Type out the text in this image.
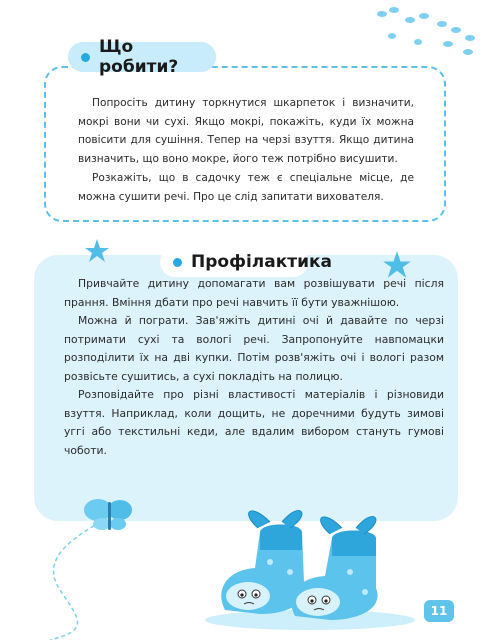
Попросіть дитину торкнутися шкарпеток і визначити, мокрі вони чи сухі. Якщо мокрі, покажіть, куди їх можна повісити для сушіння. Тепер на черзі взуття. Якщо дитина визначить, що воно мокре, його теж потрібно висушити.

Розкажіть, що в садочку теж є спеціальне місце, де можна сушити речі. Про це слід запитати вихователя.

Що робити?

Привчайте дитину допомагати вам розвішувати речі після прання. Вміння дбати про речі навчить її бути уважнішою.

Можна й пограти. Зав'яжіть дитині очі й давайте по черзі потримати сухі та вологі речі. Запропонуйте навпомацки розподілити їх на дві купки. Потім розв'яжіть очі і вологі разом розвісьте сушитись, а сухі покладіть на полицю.

Розповідайте про різні властивості матеріалів і різновиди взуття. Наприклад, коли дощить, не доречними будуть зимові уггі або текстильні кеди, але вдалим вибором стануть гумові чоботи.

Профілактика
11
